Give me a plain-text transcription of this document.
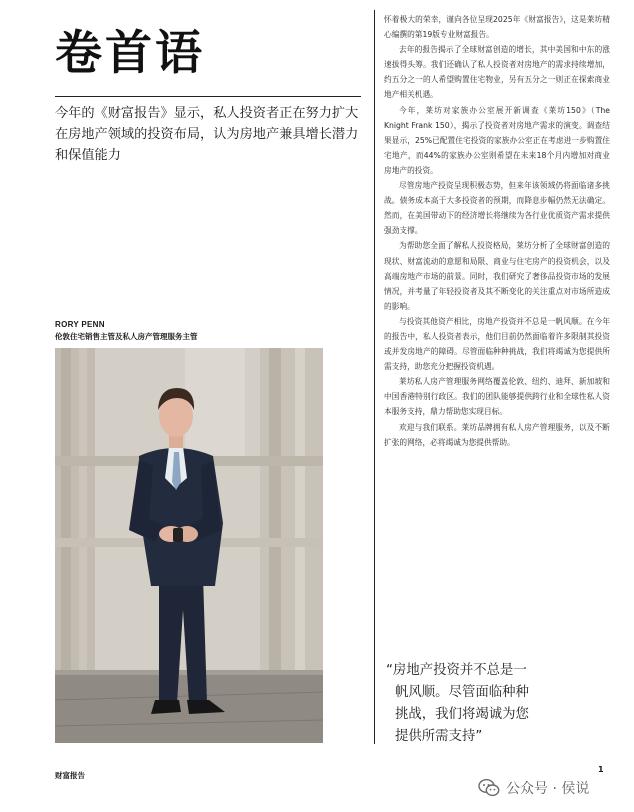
卷首语
今年的《财富报告》显示，私人投资者正在努力扩大在房地产领域的投资布局，认为房地产兼具增长潜力和保值能力
RORY PENN
伦敦住宅销售主管及私人房产管理服务主管

怀着极大的荣幸，谨向各位呈现2025年《财富报告》，这是莱坊精心编撰的第19版专业财富报告。

去年的报告揭示了全球财富创造的增长，其中美国和中东的涨速拔得头筹。我们还确认了私人投资者对房地产的需求持续增加，约五分之一的人希望购置住宅物业，另有五分之一则正在探索商业地产相关机遇。

今年，莱坊对家族办公室展开新调查《莱坊150》（The Knight Frank 150），揭示了投资者对房地产需求的演变。调查结果显示，25%已配置住宅投资的家族办公室正在考虑进一步购置住宅地产，而44%的家族办公室则希望在未来18个月内增加对商业房地产的投资。

尽管房地产投资呈现积极态势，但来年该领域仍将面临诸多挑战。债务成本高于大多投资者的预期，而降息步幅仍然无法确定。然而，在美国带动下的经济增长将继续为各行业优质资产需求提供强劲支撑。

为帮助您全面了解私人投资格局，莱坊分析了全球财富创造的现状、财富流动的意愿和局限、商业与住宅房产的投资机会，以及高端房地产市场的前景。同时，我们研究了奢侈品投资市场的发展情况，并考量了年轻投资者及其不断变化的关注重点对市场所造成的影响。

与投资其他资产相比，房地产投资并不总是一帆风顺。在今年的报告中，私人投资者表示，他们目前仍然面临着许多限制其投资或并发房地产的障碍。尽管面临种种挑战，我们将竭诚为您提供所需支持，助您充分把握投资机遇。

莱坊私人房产管理服务网络覆盖伦敦、纽约、迪拜、新加坡和中国香港特别行政区。我们的团队能够提供跨行业和全球性私人资本服务支持，鼎力帮助您实现目标。

欢迎与我们联系。莱坊品牌拥有私人房产管理服务，以及不断扩张的网络，必将竭诚为您提供帮助。

“房地产投资并不总是一
帆风顺。尽管面临种种
挑战，我们将竭诚为您
提供所需支持”
财富报告
1
公众号 · 侯说
